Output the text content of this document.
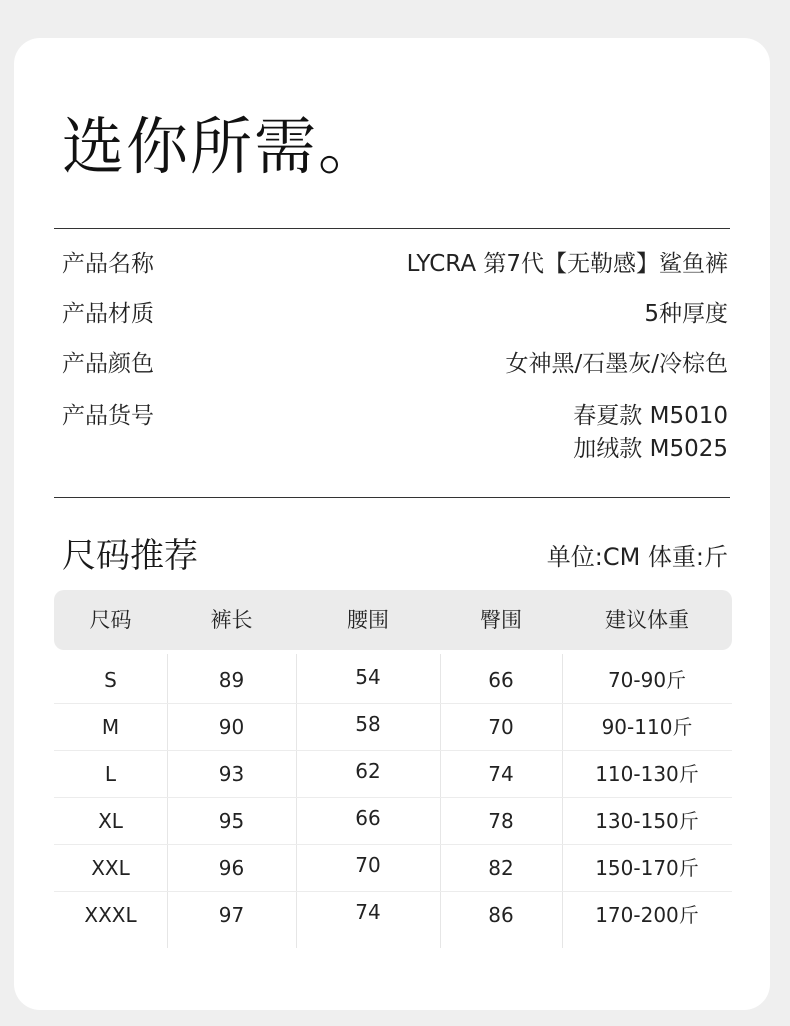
选你所需。
产品名称	LYCRA 第7代【无勒感】鲨鱼裤
产品材质	5种厚度
产品颜色	女神黑/石墨灰/冷棕色
产品货号	春夏款 M5010
加绒款 M5025
尺码推荐	单位:CM 体重:斤
尺码	裤长	腰围	臀围	建议体重
S	89	54	66	70-90斤
M	90	58	70	90-110斤
L	93	62	74	110-130斤
XL	95	66	78	130-150斤
XXL	96	70	82	150-170斤
XXXL	97	74	86	170-200斤
